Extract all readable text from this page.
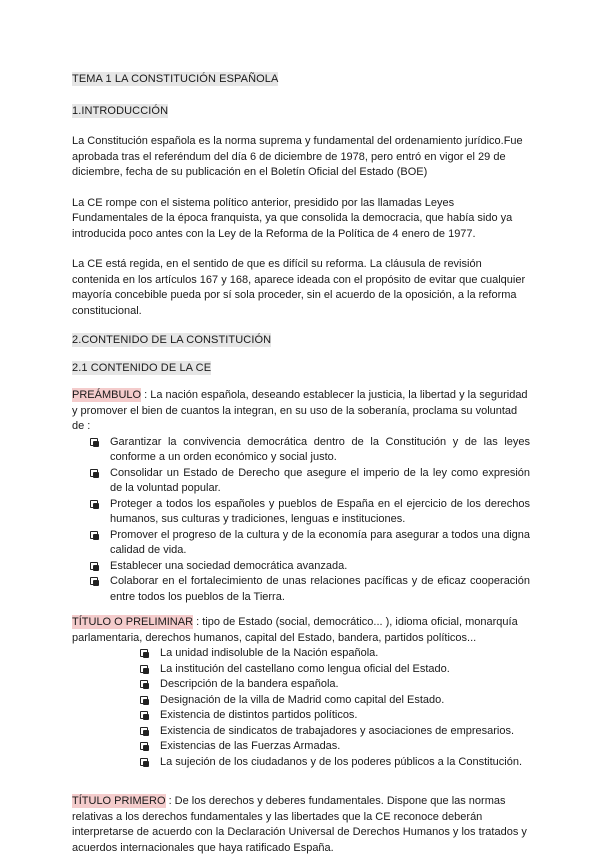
TEMA 1 LA CONSTITUCIÓN ESPAÑOLA

1.INTRODUCCIÓN

La Constitución española es la norma suprema y fundamental del ordenamiento jurídico.Fue aprobada tras el referéndum del día 6 de diciembre de 1978, pero entró en vigor el 29 de diciembre, fecha de su publicación en el Boletín Oficial del Estado (BOE)

La CE rompe con el sistema político anterior, presidido por las llamadas Leyes Fundamentales de la época franquista, ya que consolida la democracia, que había sido ya introducida poco antes con la Ley de la Reforma de la Política de 4 enero de 1977.

La CE está regida, en el sentido de que es difícil su reforma. La cláusula de revisión contenida en los artículos 167 y 168, aparece ideada con el propósito de evitar que cualquier mayoría concebible pueda por sí sola proceder, sin el acuerdo de la oposición, a la reforma constitucional.

2.CONTENIDO DE LA CONSTITUCIÓN

2.1 CONTENIDO DE LA CE

PREÁMBULO : La nación española, deseando establecer la justicia, la libertad y la seguridad y promover el bien de cuantos la integran, en su uso de la soberanía, proclama su voluntad de :

Garantizar la convivencia democrática dentro de la Constitución y de las leyes conforme a un orden económico y social justo.
Consolidar un Estado de Derecho que asegure el imperio de la ley como expresión de la voluntad popular.
Proteger a todos los españoles y pueblos de España en el ejercicio de los derechos humanos, sus culturas y tradiciones, lenguas e instituciones.
Promover el progreso de la cultura y de la economía para asegurar a todos una digna calidad de vida.
Establecer una sociedad democrática avanzada.
Colaborar en el fortalecimiento de unas relaciones pacíficas y de eficaz cooperación entre todos los pueblos de la Tierra.

TÍTULO O PRELIMINAR : tipo de Estado (social, democrático... ), idioma oficial, monarquía parlamentaria, derechos humanos, capital del Estado, bandera, partidos políticos...

La unidad indisoluble de la Nación española.
La institución del castellano como lengua oficial del Estado.
Descripción de la bandera española.
Designación de la villa de Madrid como capital del Estado.
Existencia de distintos partidos políticos.
Existencia de sindicatos de trabajadores y asociaciones de empresarios.
Existencias de las Fuerzas Armadas.
La sujeción de los ciudadanos y de los poderes públicos a la Constitución.

TÍTULO PRIMERO : De los derechos y deberes fundamentales. Dispone que las normas relativas a los derechos fundamentales y las libertades que la CE reconoce deberán interpretarse de acuerdo con la Declaración Universal de Derechos Humanos y los tratados y acuerdos internacionales que haya ratificado España.
